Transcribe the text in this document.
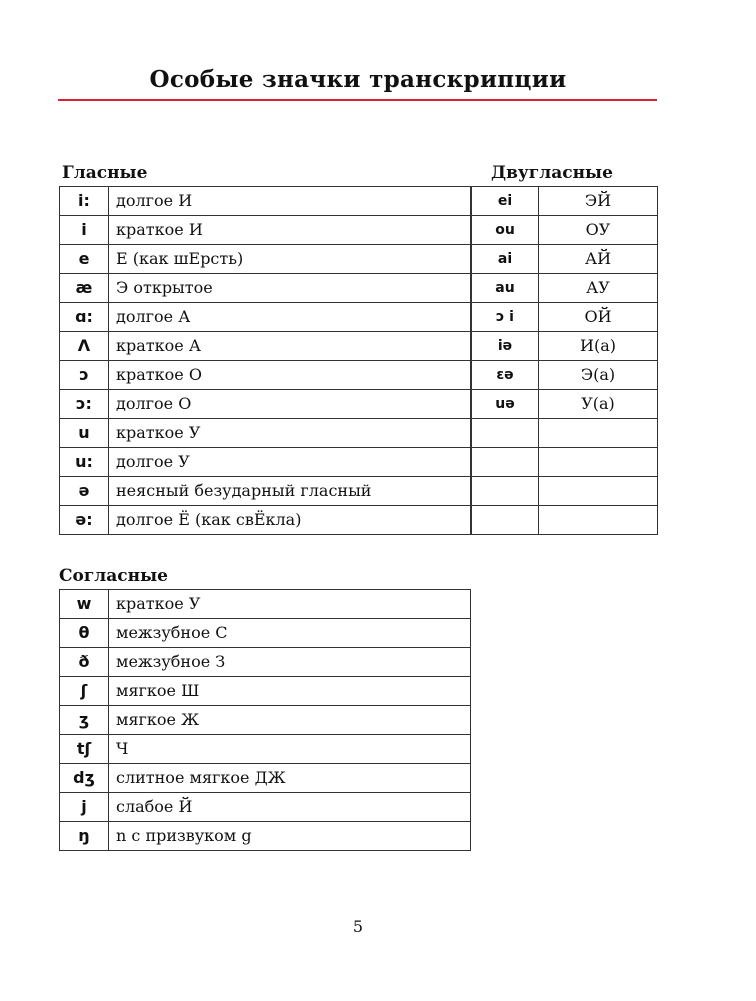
Особые значки транскрипции
Гласные	Двугласные
i:	долгое И
i	краткое И
e	Е (как шЕрсть)
æ	Э открытое
ɑ:	долгое А
Λ	краткое А
ɔ	краткое О
ɔ:	долгое О
u	краткое У
u:	долгое У
ə	неясный безударный гласный
ə:	долгое Ё (как свЁкла)
ei	ЭЙ
ou	ОУ
ai	АЙ
au	АУ
ɔ i	ОЙ
iə	И(а)
ɛə	Э(а)
uə	У(а)

Согласные
w	краткое У
θ	межзубное С
ð	межзубное З
ʃ	мягкое Ш
ʒ	мягкое Ж
tʃ	Ч
dʒ	слитное мягкое ДЖ
j	слабое Й
ŋ	n с призвуком g
5
